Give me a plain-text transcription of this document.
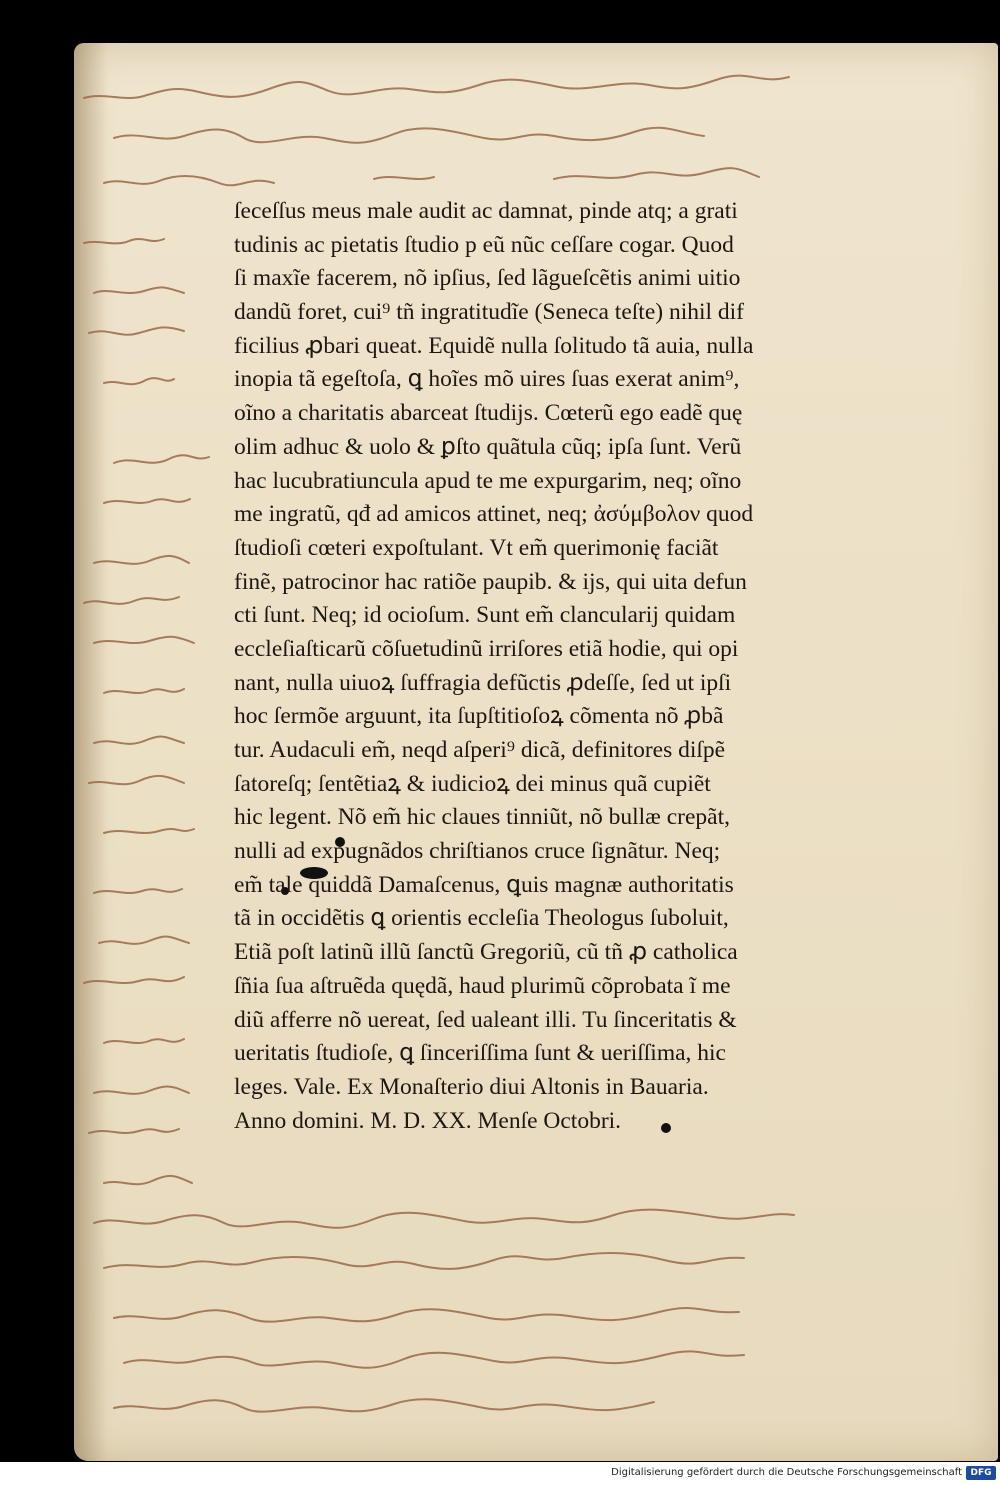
ſeceſſus meus male audit ac damnat, pinde atq; a grati
tudinis ac pietatis ſtudio p eũ nũc ceſſare cogar. Quod
ſi maxĩe facerem, nõ ipſius, ſed lãgueſcẽtis animi uitio
dandũ foret, cui⁹ tñ ingratitudĩe (Seneca teſte) nihil dif
ficilius ꝓbari queat. Equidẽ nulla ſolitudo tã auia, nulla
inopia tã egeſtoſa, ꝗ hoĩes mõ uires ſuas exerat anim⁹,
oĩno a charitatis abarceat ſtudijs. Cœterũ ego eadẽ quę
olim adhuc & uolo & ꝑſto quãtula cũq; ipſa ſunt. Verũ
hac lucubratiuncula apud te me expurgarim, neq; oĩno
me ingratũ, qđ ad amicos attinet, neq; ἀσύμβολον quod
ſtudioſi cœteri expoſtulant. Vt em̃ querimonię faciãt
finẽ, patrocinor hac ratiõe paupib. & ijs, qui uita defun
cti ſunt. Neq; id ocioſum. Sunt em̃ clancularij quidam
eccleſiaſticarũ cõſuetudinũ irriſores etiã hodie, qui opi
nant, nulla uiuoꝝ ſuffragia defũctis ꝓdeſſe, ſed ut ipſi
hoc ſermõe arguunt, ita ſupſtitioſoꝝ cõmenta nõ ꝓbã
tur. Audaculi em̃, neqd aſperi⁹ dicã, definitores diſpẽ
ſatoreſq; ſentẽtiaꝝ & iudicioꝝ dei minus quã cupiẽt
hic legent. Nõ em̃ hic claues tinniũt, nõ bullæ crepãt,
nulli ad expugnãdos chriſtianos cruce ſignãtur. Neq;
em̃ tale quiddã Damaſcenus, ꝗuis magnæ authoritatis
tã in occidẽtis ꝗ orientis eccleſia Theologus ſuboluit,
Etiã poſt latinũ illũ ſanctũ Gregoriũ, cũ tñ ꝓ catholica
ſñia ſua aſtruẽda quędã, haud plurimũ cõprobata ĩ me
diũ afferre nõ uereat, ſed ualeant illi. Tu ſinceritatis &
ueritatis ſtudioſe, ꝗ ſinceriſſima ſunt & ueriſſima, hic
leges. Vale. Ex Monaſterio diui Altonis in Bauaria.
Anno domini. M. D. XX. Menſe Octobri.
Digitalisierung gefördert durch die Deutsche Forschungsgemeinschaft DFG
